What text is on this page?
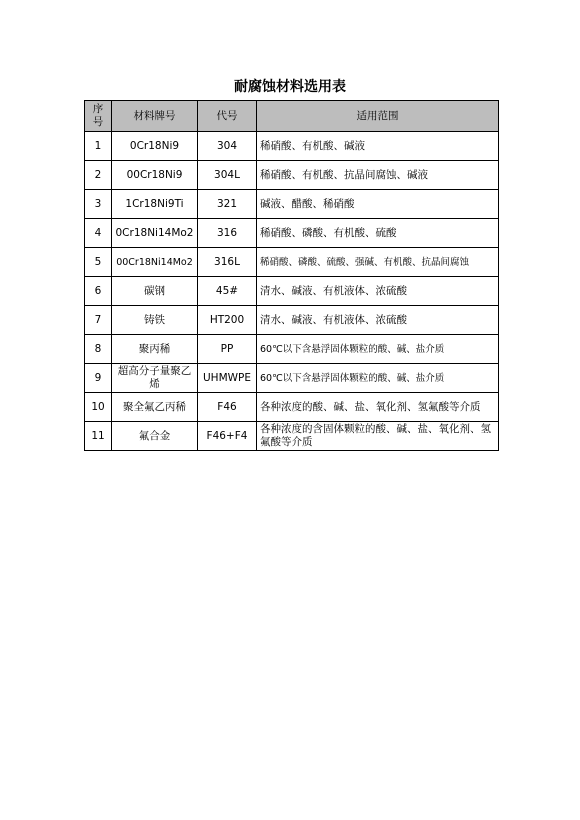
耐腐蚀材料选用表
序号	材料牌号	代号	适用范围
1	0Cr18Ni9	304	稀硝酸、有机酸、碱液
2	00Cr18Ni9	304L	稀硝酸、有机酸、抗晶间腐蚀、碱液
3	1Cr18Ni9Ti	321	碱液、醋酸、稀硝酸
4	0Cr18Ni14Mo2	316	稀硝酸、磷酸、有机酸、硫酸
5	00Cr18Ni14Mo2	316L	稀硝酸、磷酸、硫酸、强碱、有机酸、抗晶间腐蚀
6	碳钢	45#	清水、碱液、有机液体、浓硫酸
7	铸铁	HT200	清水、碱液、有机液体、浓硫酸
8	聚丙稀	PP	60℃以下含悬浮固体颗粒的酸、碱、盐介质
9	超高分子量聚乙烯	UHMWPE	60℃以下含悬浮固体颗粒的酸、碱、盐介质
10	聚全氟乙丙稀	F46	各种浓度的酸、碱、盐、氧化剂、氢氟酸等介质
11	氟合金	F46+F4	各种浓度的含固体颗粒的酸、碱、盐、氧化剂、氢氟酸等介质
